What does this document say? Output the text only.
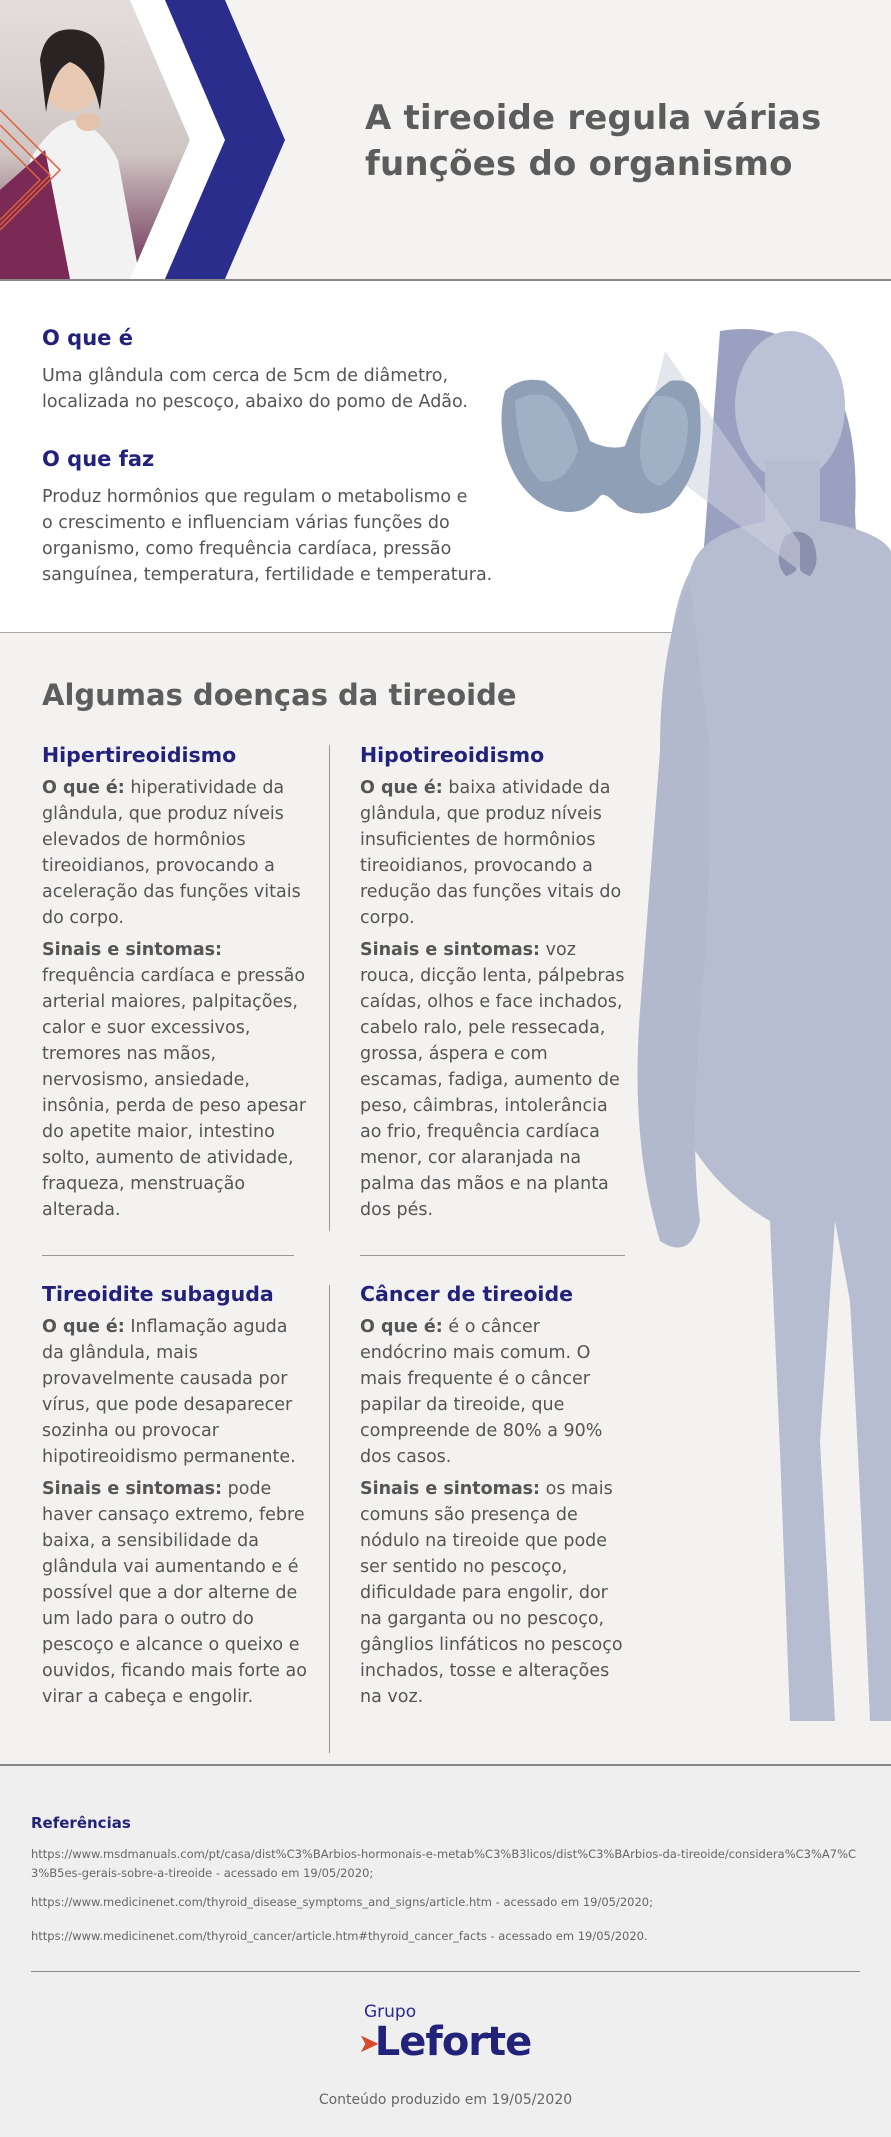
A tireoide regula várias
funções do organismo
O que é
Uma glândula com cerca de 5cm de diâmetro,
localizada no pescoço, abaixo do pomo de Adão.
O que faz
Produz hormônios que regulam o metabolismo e
o crescimento e influenciam várias funções do
organismo, como frequência cardíaca, pressão
sanguínea, temperatura, fertilidade e temperatura.
Algumas doenças da tireoide
Hipertireoidismo

O que é: hiperatividade da glândula, que produz níveis elevados de hormônios tireoidianos, provocando a aceleração das funções vitais do corpo.

Sinais e sintomas: frequência cardíaca e pressão arterial maiores, palpitações, calor e suor excessivos, tremores nas mãos, nervosismo, ansiedade, insônia, perda de peso apesar do apetite maior, intestino solto, aumento de atividade, fraqueza, menstruação alterada.

Hipotireoidismo

O que é: baixa atividade da glândula, que produz níveis insuficientes de hormônios tireoidianos, provocando a redução das funções vitais do corpo.

Sinais e sintomas: voz rouca, dicção lenta, pálpebras caídas, olhos e face inchados, cabelo ralo, pele ressecada, grossa, áspera e com escamas, fadiga, aumento de peso, câimbras, intolerância ao frio, frequência cardíaca menor, cor alaranjada na palma das mãos e na planta dos pés.

Tireoidite subaguda

O que é: Inflamação aguda da glândula, mais provavelmente causada por vírus, que pode desaparecer sozinha ou provocar hipotireoidismo permanente.

Sinais e sintomas: pode haver cansaço extremo, febre baixa, a sensibilidade da glândula vai aumentando e é possível que a dor alterne de um lado para o outro do pescoço e alcance o queixo e ouvidos, ficando mais forte ao virar a cabeça e engolir.

Câncer de tireoide

O que é: é o câncer endócrino mais comum. O mais frequente é o câncer papilar da tireoide, que compreende de 80% a 90% dos casos.

Sinais e sintomas: os mais comuns são presença de nódulo na tireoide que pode ser sentido no pescoço, dificuldade para engolir, dor na garganta ou no pescoço, gânglios linfáticos no pescoço inchados, tosse e alterações na voz.

Referências
https://www.msdmanuals.com/pt/casa/dist%C3%BArbios-hormonais-e-metab%C3%B3licos/dist%C3%BArbios-da-tireoide/considera%C3%A7%C3%B5es-gerais-sobre-a-tireoide - acessado em 19/05/2020;
https://www.medicinenet.com/thyroid_disease_symptoms_and_signs/article.htm - acessado em 19/05/2020;
https://www.medicinenet.com/thyroid_cancer/article.htm#thyroid_cancer_facts - acessado em 19/05/2020.
Grupo
➤Leforte
Conteúdo produzido em 19/05/2020
